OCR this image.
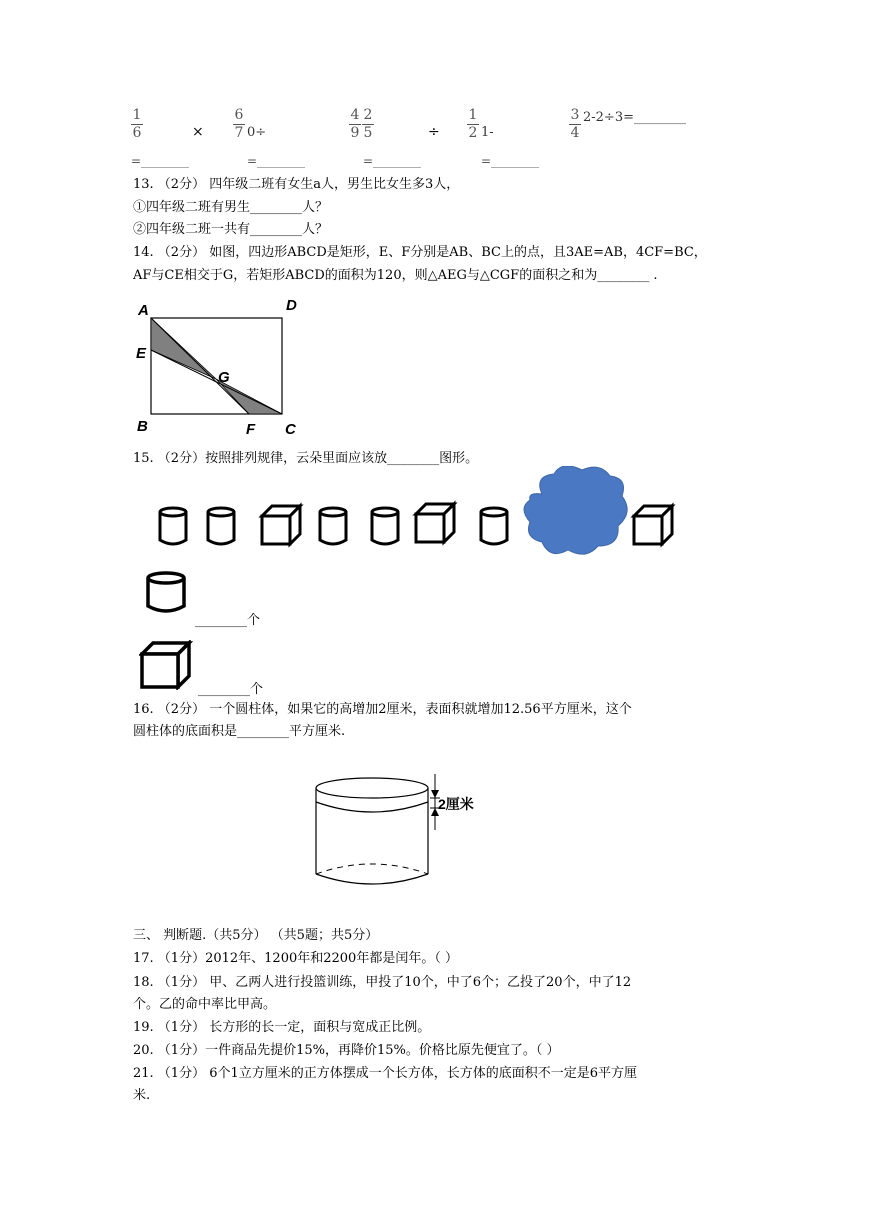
1
6	×
6
7 0÷
4
9
2
5	÷
1
2 1-
3
4
2-2÷3=________
=________	=________	=________	=________
13. （2分） 四年级二班有女生a人，男生比女生多3人，
①四年级二班有男生________人？
②四年级二班一共有________人？
14. （2分） 如图，四边形ABCD是矩形，E、F分别是AB、BC上的点，且3AE=AB，4CF=BC，
AF与CE相交于G，若矩形ABCD的面积为120，则△AEG与△CGF的面积之和为________ .
A	D
E
G
B	F C
15. （2分）按照排列规律，云朵里面应该放________图形。
________个
________个
16. （2分） 一个圆柱体，如果它的高增加2厘米，表面积就增加12.56平方厘米，这个
圆柱体的底面积是________平方厘米.
2厘米
三、 判断题.（共5分） （共5题；共5分）
17. （1分）2012年、1200年和2200年都是闰年。（ ）
18. （1分） 甲、乙两人进行投篮训练，甲投了10个，中了6个；乙投了20个，中了12
个。乙的命中率比甲高。
19. （1分） 长方形的长一定，面积与宽成正比例。
20. （1分）一件商品先提价15%，再降价15%。价格比原先便宜了。（ ）
21. （1分） 6个1立方厘米的正方体摆成一个长方体，长方体的底面积不一定是6平方厘
米.
